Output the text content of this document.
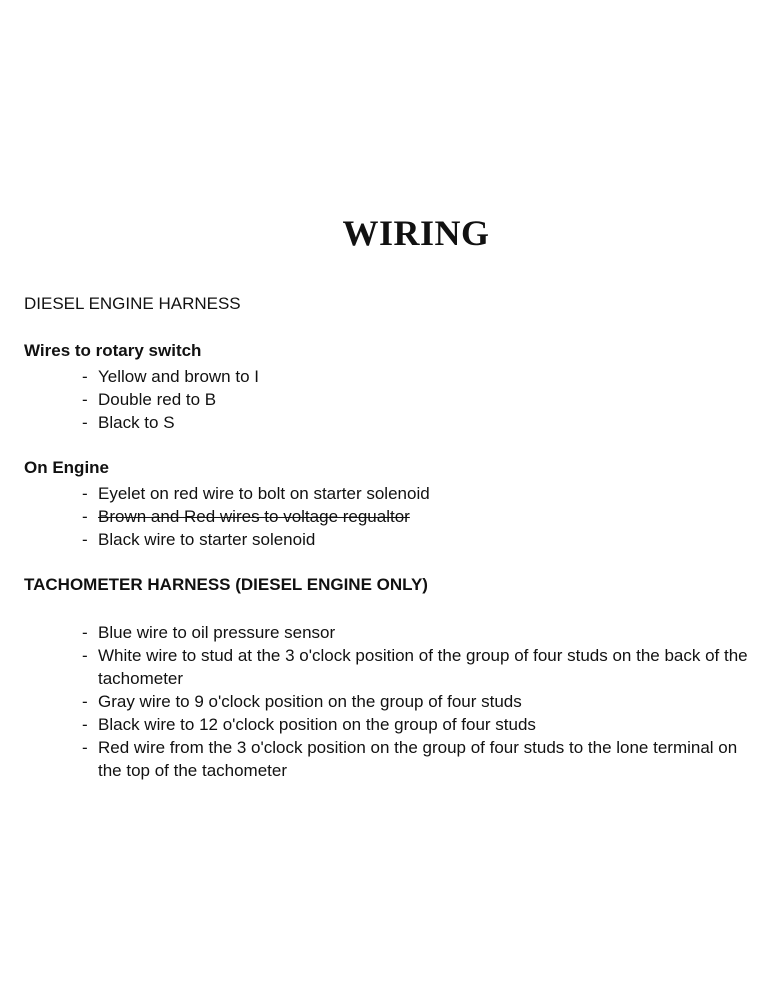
WIRING

DIESEL ENGINE HARNESS

Wires to rotary switch

- Yellow and brown to I
- Double red to B
- Black to S

On Engine

- Eyelet on red wire to bolt on starter solenoid
- Brown and Red wires to voltage regualtor
- Black wire to starter solenoid

TACHOMETER HARNESS (DIESEL ENGINE ONLY)

- Blue wire to oil pressure sensor
- White wire to stud at the 3 o'clock position of the group of four studs on the back of the tachometer
- Gray wire to 9 o'clock position on the group of four studs
- Black wire to 12 o'clock position on the group of four studs
- Red wire from the 3 o'clock position on the group of four studs to the lone terminal on the top of the tachometer
